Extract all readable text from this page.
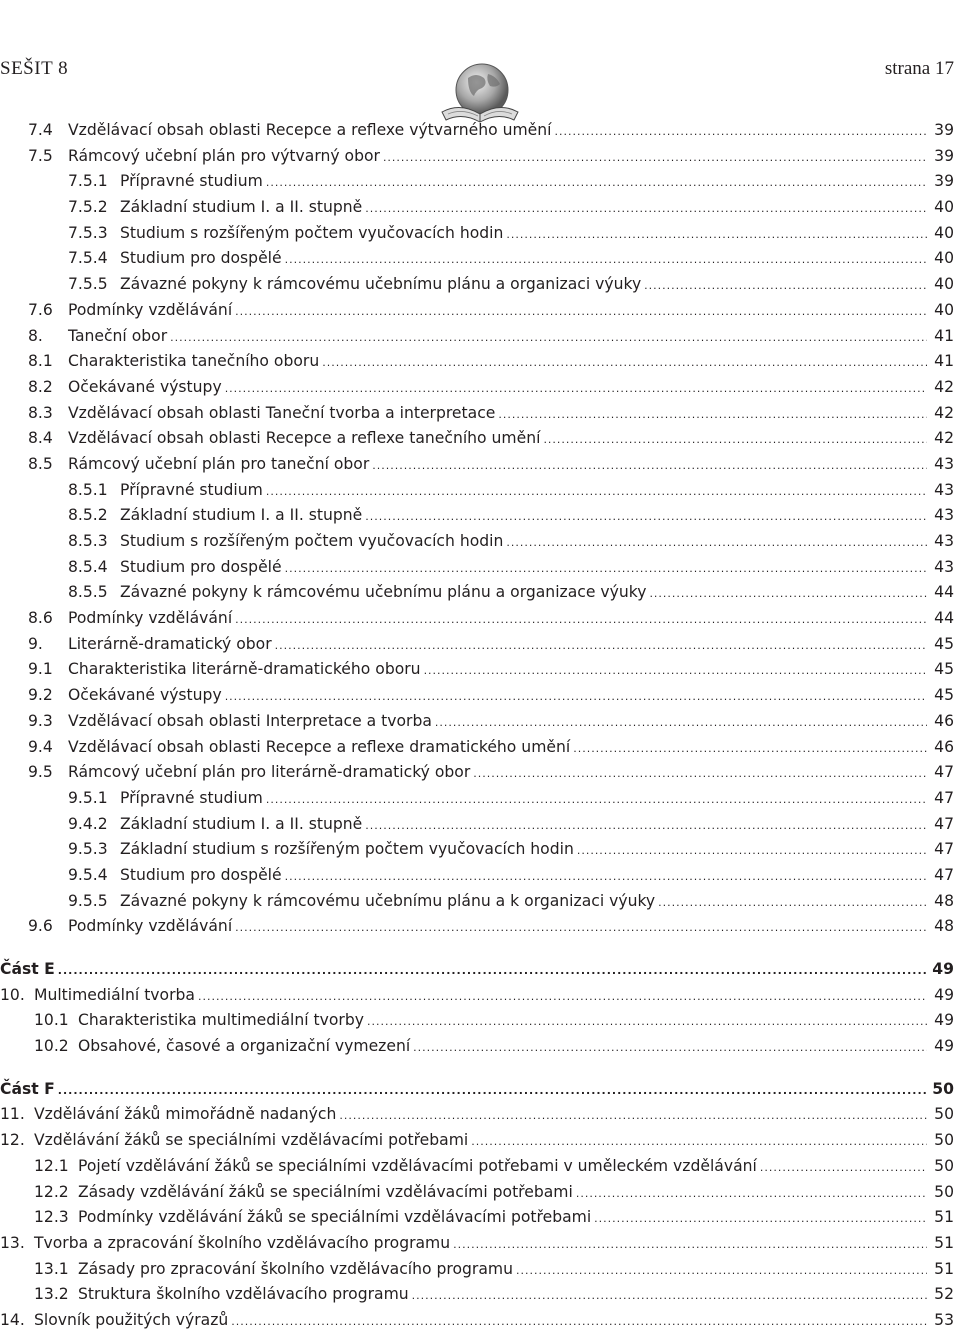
SEŠIT 8	strana 17
7.4 Vzdělávací obsah oblasti Recepce a reflexe výtvarného umění .....	39
7.5 Rámcový učební plán pro výtvarný obor .....	39
7.5.1 Přípravné studium .....	39
7.5.2 Základní studium I. a II. stupně .....	40
7.5.3 Studium s rozšířeným počtem vyučovacích hodin .....	40
7.5.4 Studium pro dospělé .....	40
7.5.5 Závazné pokyny k rámcovému učebnímu plánu a organizaci výuky .....	40
7.6 Podmínky vzdělávání .....	40
8.	Taneční obor .....	41
8.1 Charakteristika tanečního oboru .....	41
8.2 Očekávané výstupy .....	42
8.3 Vzdělávací obsah oblasti Taneční tvorba a interpretace .....	42
8.4 Vzdělávací obsah oblasti Recepce a reflexe tanečního umění .....	42
8.5 Rámcový učební plán pro taneční obor .....	43
8.5.1 Přípravné studium .....	43
8.5.2 Základní studium I. a II. stupně .....	43
8.5.3 Studium s rozšířeným počtem vyučovacích hodin .....	43
8.5.4 Studium pro dospělé .....	43
8.5.5 Závazné pokyny k rámcovému učebnímu plánu a organizace výuky .....	44
8.6 Podmínky vzdělávání .....	44
9.	Literárně-dramatický obor .....	45
9.1 Charakteristika literárně-dramatického oboru .....	45
9.2 Očekávané výstupy .....	45
9.3 Vzdělávací obsah oblasti Interpretace a tvorba .....	46
9.4 Vzdělávací obsah oblasti Recepce a reflexe dramatického umění .....	46
9.5 Rámcový učební plán pro literárně-dramatický obor .....	47
9.5.1 Přípravné studium .....	47
9.4.2 Základní studium I. a II. stupně .....	47
9.5.3 Základní studium s rozšířeným počtem vyučovacích hodin .....	47
9.5.4 Studium pro dospělé .....	47
9.5.5 Závazné pokyny k rámcovému učebnímu plánu a k organizaci výuky .....	48
9.6 Podmínky vzdělávání .....	48
Část E .....	49
10. Multimediální tvorba .....	49
10.1 Charakteristika multimediální tvorby .....	49
10.2 Obsahové, časové a organizační vymezení .....	49
Část F .....	50
11. Vzdělávání žáků mimořádně nadaných .....	50
12. Vzdělávání žáků se speciálními vzdělávacími potřebami .....	50
12.1 Pojetí vzdělávání žáků se speciálními vzdělávacími potřebami v uměleckém vzdělávání .....	50
12.2 Zásady vzdělávání žáků se speciálními vzdělávacími potřebami .....	50
12.3 Podmínky vzdělávání žáků se speciálními vzdělávacími potřebami .....	51
13. Tvorba a zpracování školního vzdělávacího programu .....	51
13.1 Zásady pro zpracování školního vzdělávacího programu .....	51
13.2 Struktura školního vzdělávacího programu .....	52
14. Slovník použitých výrazů .....	53
